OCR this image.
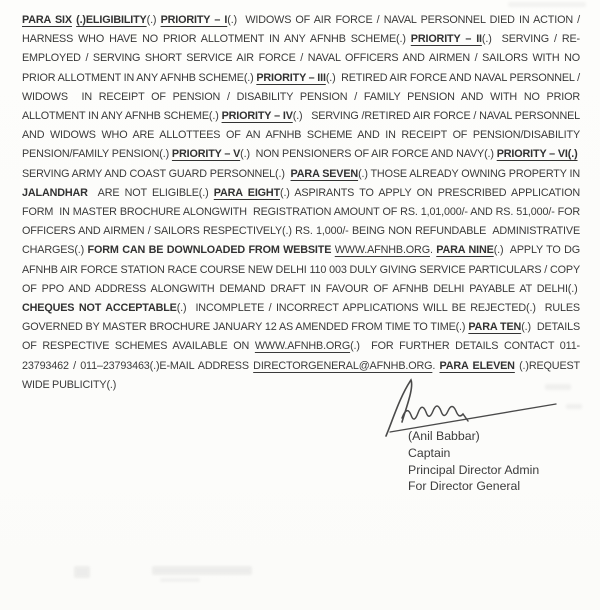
PARA SIX (.)ELIGIBILITY(.) PRIORITY – I(.)  WIDOWS OF AIR FORCE / NAVAL PERSONNEL DIED IN ACTION / HARNESS WHO HAVE NO PRIOR ALLOTMENT IN ANY AFNHB SCHEME(.) PRIORITY – II(.)  SERVING / RE-EMPLOYED / SERVING SHORT SERVICE AIR FORCE / NAVAL OFFICERS AND AIRMEN / SAILORS WITH NO PRIOR ALLOTMENT IN ANY AFNHB SCHEME(.) PRIORITY – III(.)  RETIRED AIR FORCE AND NAVAL PERSONNEL / WIDOWS  IN RECEIPT OF PENSION / DISABILITY PENSION / FAMILY PENSION AND WITH NO PRIOR ALLOTMENT IN ANY AFNHB SCHEME(.) PRIORITY – IV(.)   SERVING /RETIRED AIR FORCE / NAVAL PERSONNEL AND WIDOWS WHO ARE ALLOTTEES OF AN AFNHB SCHEME AND IN RECEIPT OF PENSION/DISABILITY PENSION/FAMILY PENSION(.) PRIORITY – V(.)  NON PENSIONERS OF AIR FORCE AND NAVY(.) PRIORITY – VI(.)  SERVING ARMY AND COAST GUARD PERSONNEL(.)  PARA SEVEN(.) THOSE ALREADY OWNING PROPERTY IN JALANDHAR  ARE NOT ELIGIBLE(.) PARA EIGHT(.) ASPIRANTS TO APPLY ON PRESCRIBED APPLICATION FORM  IN MASTER BROCHURE ALONGWITH  REGISTRATION AMOUNT OF RS. 1,01,000/- AND RS. 51,000/- FOR OFFICERS AND AIRMEN / SAILORS RESPECTIVELY(.) RS. 1,000/- BEING NON REFUNDABLE  ADMINISTRATIVE CHARGES(.) FORM CAN BE DOWNLOADED FROM WEBSITE WWW.AFNHB.ORG. PARA NINE(.)  APPLY TO DG AFNHB AIR FORCE STATION RACE COURSE NEW DELHI 110 003 DULY GIVING SERVICE PARTICULARS / COPY OF PPO AND ADDRESS ALONGWITH DEMAND DRAFT IN FAVOUR OF AFNHB DELHI PAYABLE AT DELHI(.)  CHEQUES NOT ACCEPTABLE(.)  INCOMPLETE / INCORRECT APPLICATIONS WILL BE REJECTED(.)  RULES GOVERNED BY MASTER BROCHURE JANUARY 12 AS AMENDED FROM TIME TO TIME(.) PARA TEN(.)  DETAILS OF RESPECTIVE SCHEMES AVAILABLE ON WWW.AFNHB.ORG(.)  FOR FURTHER DETAILS CONTACT 011-23793462 / 011–23793463(.)E-MAIL ADDRESS DIRECTORGENERAL@AFNHB.ORG. PARA ELEVEN (.)REQUEST WIDE PUBLICITY(.)
(Anil Babbar)
Captain
Principal Director Admin
For Director General
